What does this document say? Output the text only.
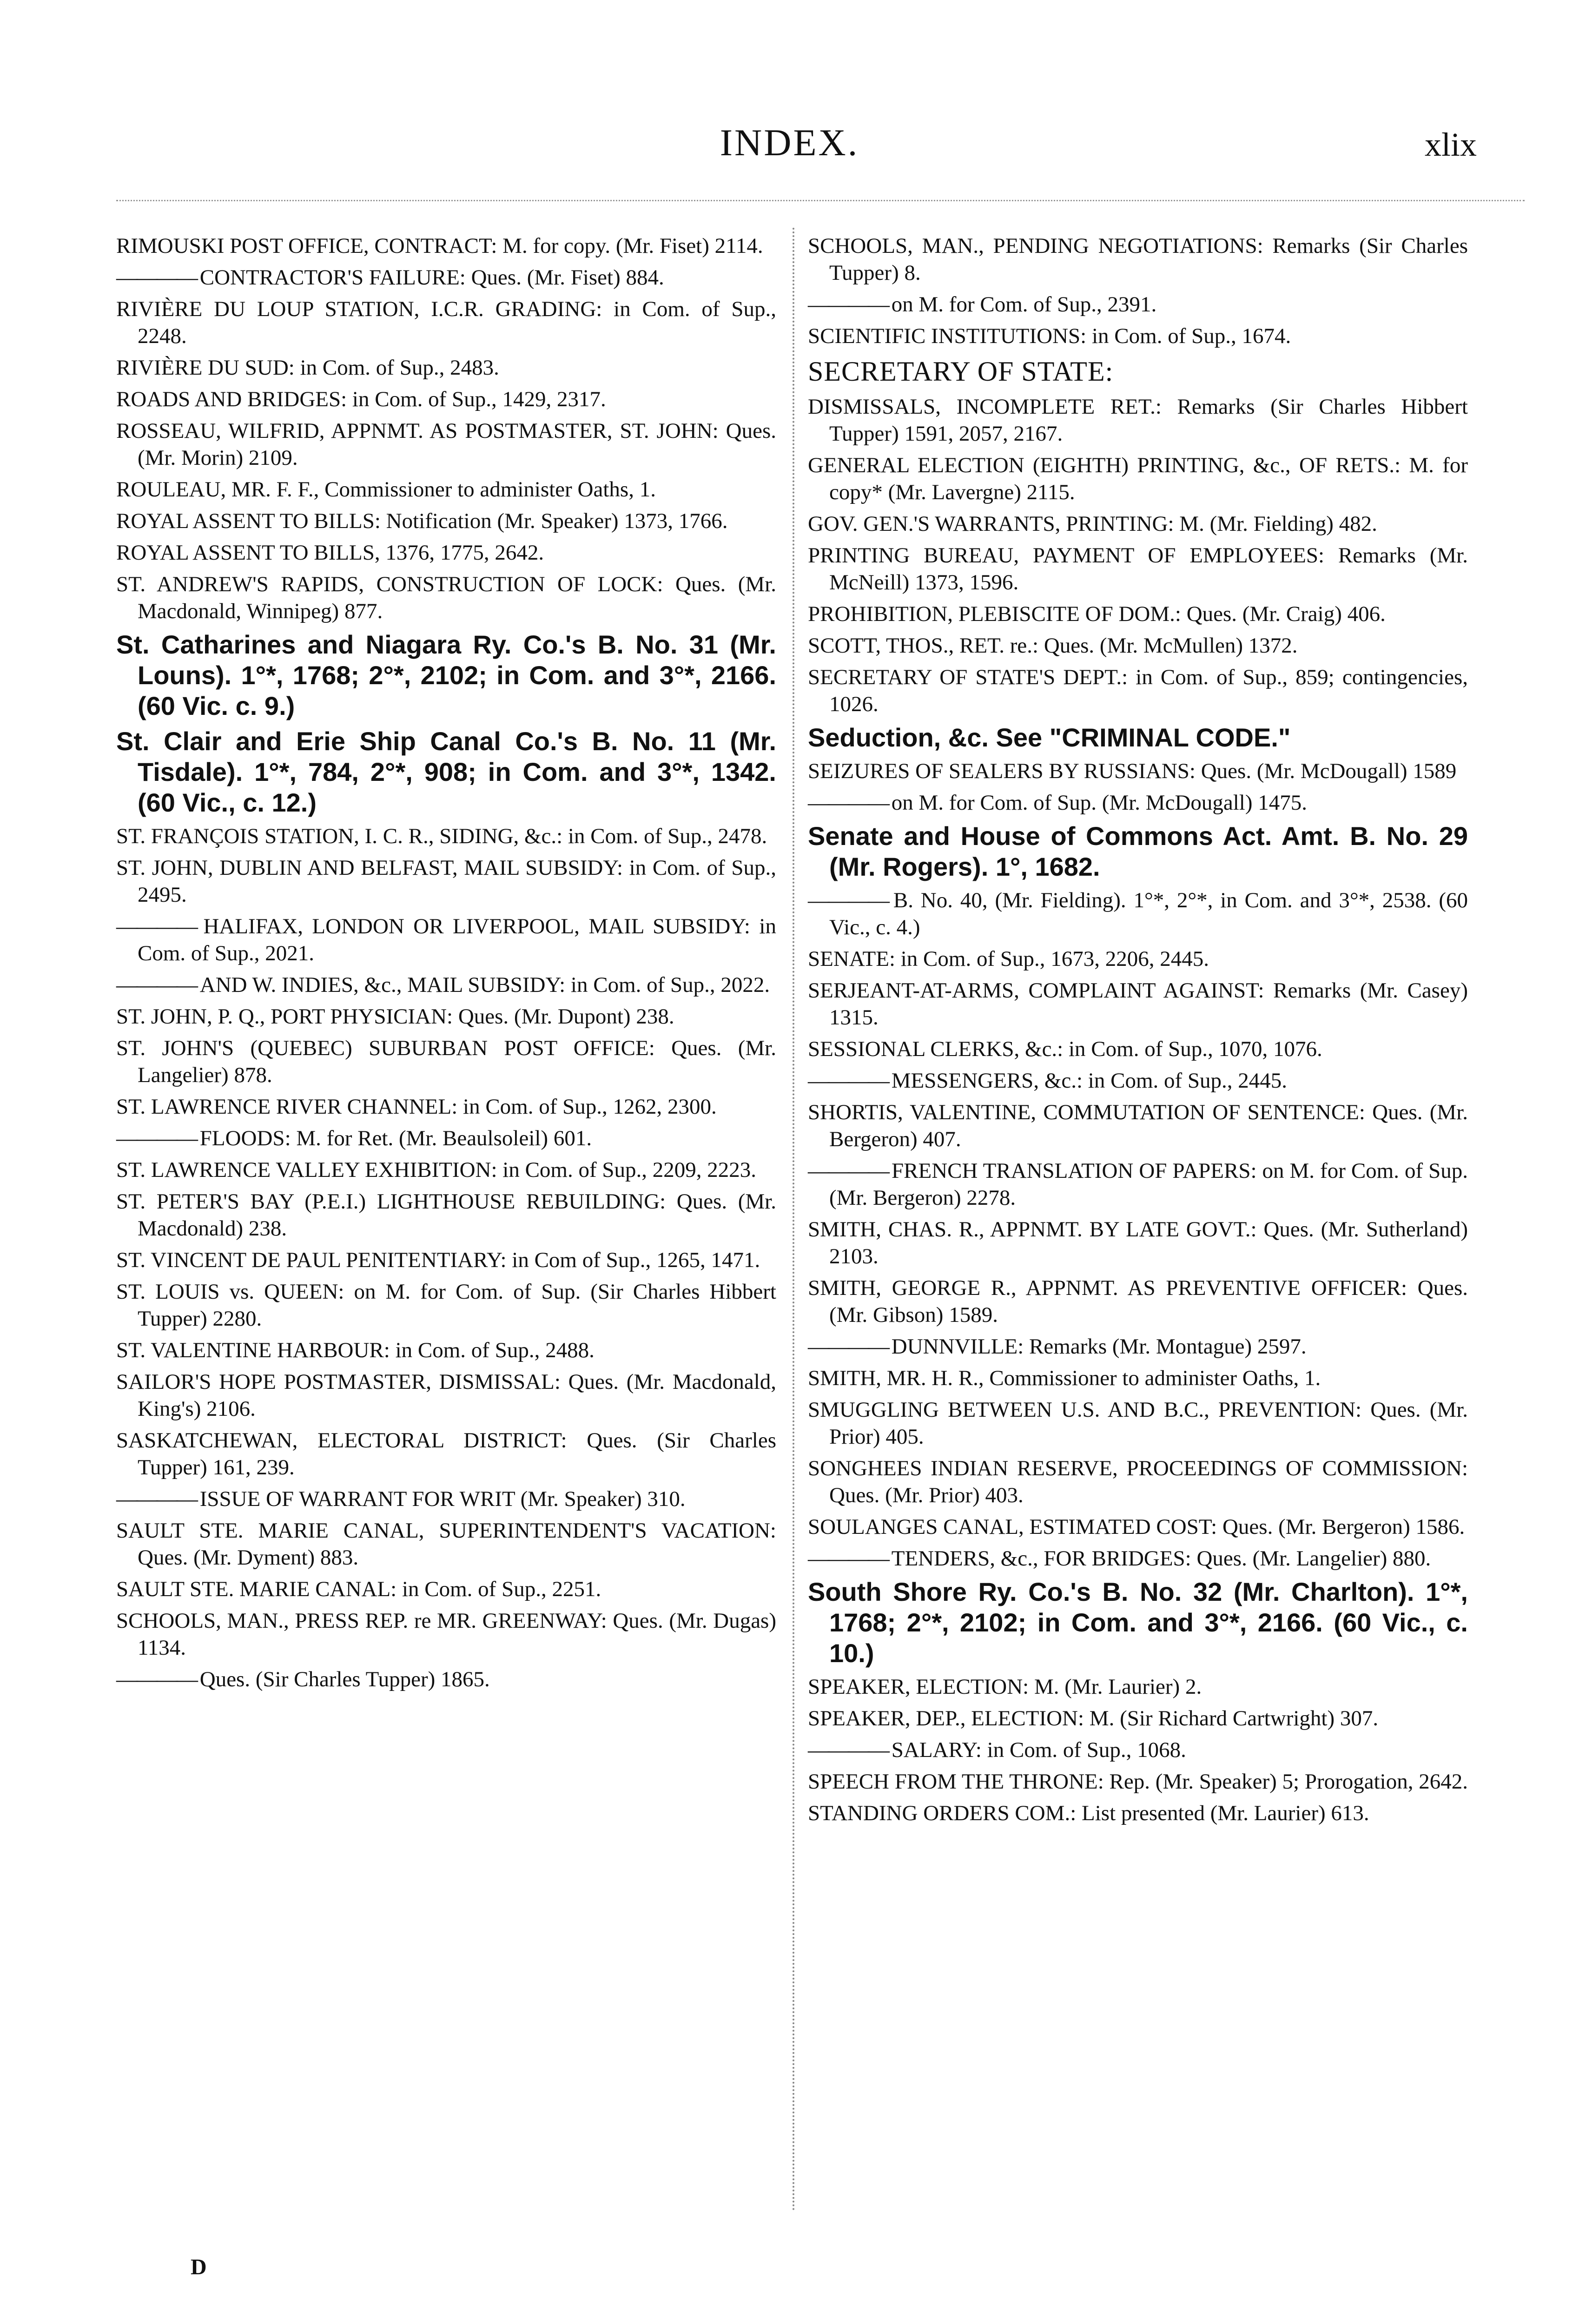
INDEX.	xlix
RIMOUSKI POST OFFICE, CONTRACT: M. for copy. (Mr. Fiset) 2114.
———— CONTRACTOR'S FAILURE: Ques. (Mr. Fiset) 884.
RIVIÈRE DU LOUP STATION, I.C.R. GRADING: in Com. of Sup., 2248.
RIVIÈRE DU SUD: in Com. of Sup., 2483.
ROADS AND BRIDGES: in Com. of Sup., 1429, 2317.
ROSSEAU, WILFRID, APPNMT. AS POSTMASTER, ST. JOHN: Ques. (Mr. Morin) 2109.
ROULEAU, MR. F. F., Commissioner to administer Oaths, 1.
ROYAL ASSENT TO BILLS: Notification (Mr. Speaker) 1373, 1766.
ROYAL ASSENT TO BILLS, 1376, 1775, 2642.
ST. ANDREW'S RAPIDS, CONSTRUCTION OF LOCK: Ques. (Mr. Macdonald, Winnipeg) 877.
St. Catharines and Niagara Ry. Co.'s B. No. 31 (Mr. Louns). 1°*, 1768; 2°*, 2102; in Com. and 3°*, 2166. (60 Vic. c. 9.)
St. Clair and Erie Ship Canal Co.'s B. No. 11 (Mr. Tisdale). 1°*, 784, 2°*, 908; in Com. and 3°*, 1342. (60 Vic., c. 12.)
ST. FRANÇOIS STATION, I. C. R., SIDING, &c.: in Com. of Sup., 2478.
ST. JOHN, DUBLIN AND BELFAST, MAIL SUBSIDY: in Com. of Sup., 2495.
———— HALIFAX, LONDON OR LIVERPOOL, MAIL SUBSIDY: in Com. of Sup., 2021.
———— AND W. INDIES, &c., MAIL SUBSIDY: in Com. of Sup., 2022.
ST. JOHN, P. Q., PORT PHYSICIAN: Ques. (Mr. Dupont) 238.
ST. JOHN'S (QUEBEC) SUBURBAN POST OFFICE: Ques. (Mr. Langelier) 878.
ST. LAWRENCE RIVER CHANNEL: in Com. of Sup., 1262, 2300.
———— FLOODS: M. for Ret. (Mr. Beaulsoleil) 601.
ST. LAWRENCE VALLEY EXHIBITION: in Com. of Sup., 2209, 2223.
ST. PETER'S BAY (P.E.I.) LIGHTHOUSE REBUILDING: Ques. (Mr. Macdonald) 238.
ST. VINCENT DE PAUL PENITENTIARY: in Com of Sup., 1265, 1471.
ST. LOUIS vs. QUEEN: on M. for Com. of Sup. (Sir Charles Hibbert Tupper) 2280.
ST. VALENTINE HARBOUR: in Com. of Sup., 2488.
SAILOR'S HOPE POSTMASTER, DISMISSAL: Ques. (Mr. Macdonald, King's) 2106.
SASKATCHEWAN, ELECTORAL DISTRICT: Ques. (Sir Charles Tupper) 161, 239.
———— ISSUE OF WARRANT FOR WRIT (Mr. Speaker) 310.
SAULT STE. MARIE CANAL, SUPERINTENDENT'S VACATION: Ques. (Mr. Dyment) 883.
SAULT STE. MARIE CANAL: in Com. of Sup., 2251.
SCHOOLS, MAN., PRESS REP. re MR. GREENWAY: Ques. (Mr. Dugas) 1134.
———— Ques. (Sir Charles Tupper) 1865.
SCHOOLS, MAN., PENDING NEGOTIATIONS: Remarks (Sir Charles Tupper) 8.
———— on M. for Com. of Sup., 2391.
SCIENTIFIC INSTITUTIONS: in Com. of Sup., 1674.
SECRETARY OF STATE:
DISMISSALS, INCOMPLETE RET.: Remarks (Sir Charles Hibbert Tupper) 1591, 2057, 2167.
GENERAL ELECTION (EIGHTH) PRINTING, &c., OF RETS.: M. for copy* (Mr. Lavergne) 2115.
GOV. GEN.'S WARRANTS, PRINTING: M. (Mr. Fielding) 482.
PRINTING BUREAU, PAYMENT OF EMPLOYEES: Remarks (Mr. McNeill) 1373, 1596.
PROHIBITION, PLEBISCITE OF DOM.: Ques. (Mr. Craig) 406.
SCOTT, THOS., RET. re.: Ques. (Mr. McMullen) 1372.
SECRETARY OF STATE'S DEPT.: in Com. of Sup., 859; contingencies, 1026.
Seduction, &c. See "CRIMINAL CODE."
SEIZURES OF SEALERS BY RUSSIANS: Ques. (Mr. McDougall) 1589
———— on M. for Com. of Sup. (Mr. McDougall) 1475.
Senate and House of Commons Act. Amt. B. No. 29 (Mr. Rogers). 1°, 1682.
———— B. No. 40, (Mr. Fielding). 1°*, 2°*, in Com. and 3°*, 2538. (60 Vic., c. 4.)
SENATE: in Com. of Sup., 1673, 2206, 2445.
SERJEANT-AT-ARMS, COMPLAINT AGAINST: Remarks (Mr. Casey) 1315.
SESSIONAL CLERKS, &c.: in Com. of Sup., 1070, 1076.
———— MESSENGERS, &c.: in Com. of Sup., 2445.
SHORTIS, VALENTINE, COMMUTATION OF SENTENCE: Ques. (Mr. Bergeron) 407.
———— FRENCH TRANSLATION OF PAPERS: on M. for Com. of Sup. (Mr. Bergeron) 2278.
SMITH, CHAS. R., APPNMT. BY LATE GOVT.: Ques. (Mr. Sutherland) 2103.
SMITH, GEORGE R., APPNMT. AS PREVENTIVE OFFICER: Ques. (Mr. Gibson) 1589.
———— DUNNVILLE: Remarks (Mr. Montague) 2597.
SMITH, MR. H. R., Commissioner to administer Oaths, 1.
SMUGGLING BETWEEN U.S. AND B.C., PREVENTION: Ques. (Mr. Prior) 405.
SONGHEES INDIAN RESERVE, PROCEEDINGS OF COMMISSION: Ques. (Mr. Prior) 403.
SOULANGES CANAL, ESTIMATED COST: Ques. (Mr. Bergeron) 1586.
———— TENDERS, &c., FOR BRIDGES: Ques. (Mr. Langelier) 880.
South Shore Ry. Co.'s B. No. 32 (Mr. Charlton). 1°*, 1768; 2°*, 2102; in Com. and 3°*, 2166. (60 Vic., c. 10.)
SPEAKER, ELECTION: M. (Mr. Laurier) 2.
SPEAKER, DEP., ELECTION: M. (Sir Richard Cartwright) 307.
———— SALARY: in Com. of Sup., 1068.
SPEECH FROM THE THRONE: Rep. (Mr. Speaker) 5; Prorogation, 2642.
STANDING ORDERS COM.: List presented (Mr. Laurier) 613.
D
